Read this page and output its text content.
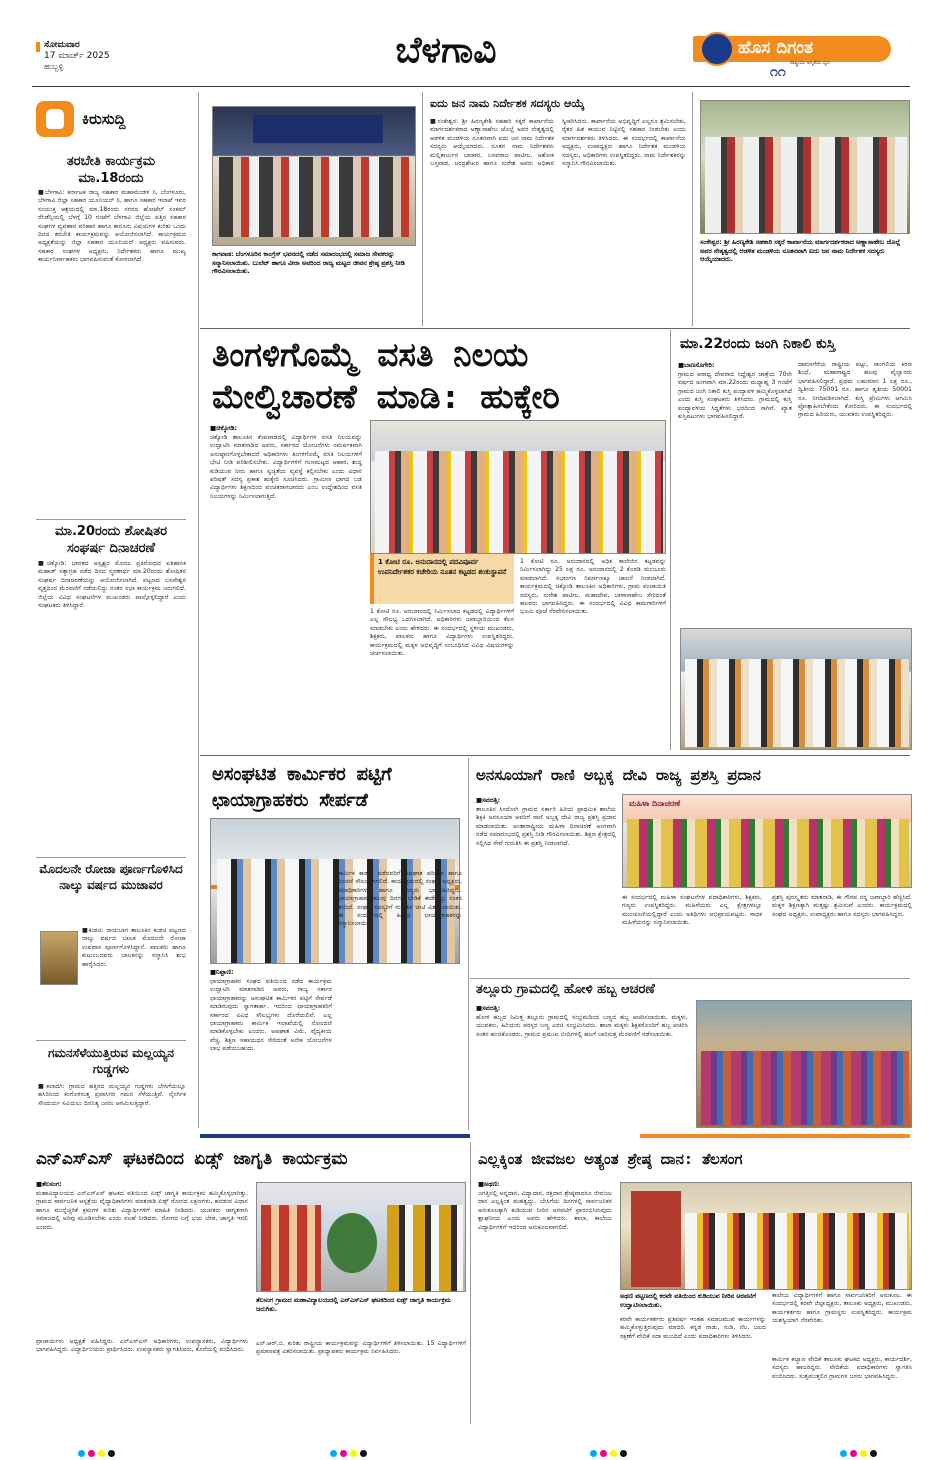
ಸೋಮವಾರ
17 ಮಾರ್ಚ್ 2025
ಹುಬ್ಬಳ್ಳಿ	ಬೆಳಗಾವಿ	ಹೊಸ ದಿಗಂತ
ರಾಷ್ಟ್ರೀಯ ಅಸ್ಮಿತೆಯ ಧ್ವನಿ
೧೧
ಕಿರುಸುದ್ದಿ
ತರಬೇತಿ ಕಾರ್ಯಕ್ರಮ ಮಾ.18ರಂದು
■ಬೆಳಗಾವಿ: ಕರ್ನಾಟಕ ರಾಜ್ಯ ಸಹಕಾರ ಮಹಾಮಂಡಳ ನಿ, ಬೆಂಗಳೂರು, ಬೆಳಗಾವಿ ಜಿಲ್ಲಾ ಸಹಕಾರ ಯೂನಿಯನ್ ನಿ, ಹಾಗೂ ಸಹಕಾರ ಇಲಾಖೆ ಇವರ ಸಂಯುಕ್ತ ಆಶ್ರಯದಲ್ಲಿ ಮಾ.18ರಂದು ನಗರದ ಹೋಟೆಲ್ ಸಂಕಮ್ ರೆಸಿಡೆನ್ಸಿಯಲ್ಲಿ ಬೆಳಗ್ಗೆ 10 ಗಂಟೆಗೆ ಬೆಳಗಾವಿ ಜಿಲ್ಲೆಯ ಪತ್ತಿನ ಸಹಕಾರ ಸಂಘಗಳ ವ್ಯವಹಾರ ಪರಿಹಾರ ಹಾಗೂ ಕಾನೂನು ವಿಷಯಗಳ ಕುರಿತು ಒಂದು ದಿನದ ತರಬೇತಿ ಕಾರ್ಯಕ್ರಮವನ್ನು ಆಯೋಜಿಸಲಾಗಿದೆ. ಕಾರ್ಯಕ್ರಮದ ಅಧ್ಯಕ್ಷತೆಯನ್ನು ಜಿಲ್ಲಾ ಸಹಕಾರ ಯೂನಿಯನ್ ಅಧ್ಯಕ್ಷರು ವಹಿಸುವರು. ಸಹಕಾರ ಸಂಘಗಳ ಅಧ್ಯಕ್ಷರು, ನಿರ್ದೇಶಕರು ಹಾಗೂ ಮುಖ್ಯ ಕಾರ್ಯನಿರ್ವಾಹಕರು ಭಾಗವಹಿಸುವಂತೆ ಕೋರಲಾಗಿದೆ.
ಮಾ.20ರಂದು ಶೋಷಿತರ ಸಂಘರ್ಷ ದಿನಾಚರಣೆ
■ಚಿಕ್ಕೋಡಿ: ಭಾರತದ ಅಸ್ಪೃಶ್ಯರ ಮೊದಲ ಪ್ರತಿರೋಧದ ಐತಿಹಾಸಿಕ ಮಹಾಡ್ ಸತ್ಯಾಗ್ರಹ ನಡೆದ ದಿನದ ಸ್ಮರಣಾರ್ಥ ಮಾ.20ರಂದು ಶೋಷಿತರ ಸಂಘರ್ಷ ದಿನಾಚರಣೆಯನ್ನು ಆಯೋಜಿಸಲಾಗಿದೆ. ಪಟ್ಟಣದ ಬಸವೇಶ್ವರ ವೃತ್ತದಿಂದ ಮೆರವಣಿಗೆ ನಡೆಯಲಿದ್ದು ನಂತರ ಸಭಾ ಕಾರ್ಯಕ್ರಮ ಜರುಗಲಿದೆ. ಜಿಲ್ಲೆಯ ವಿವಿಧ ಸಂಘಟನೆಗಳ ಮುಖಂಡರು ಪಾಲ್ಗೊಳ್ಳಲಿದ್ದಾರೆ ಎಂದು ಸಂಘಟಕರು ತಿಳಿಸಿದ್ದಾರೆ.
ಮೊದಲನೇ ರೋಜಾ ಪೂರ್ಣಗೊಳಿಸಿದ ನಾಲ್ಕು ವರ್ಷದ ಮುಜಾವರ
■ಕುಡಚಿ: ರಾಯಬಾಗ ತಾಲೂಕಿನ ಕುಡಚಿ ಪಟ್ಟಣದ ನಾಲ್ಕು ವರ್ಷದ ಬಾಲಕ ಮೊದಲನೇ ರೋಜಾ ಉಪವಾಸ ಪೂರ್ಣಗೊಳಿಸಿದ್ದಾನೆ. ಪಾಲಕರು ಹಾಗೂ ಕುಟುಂಬದವರು ಬಾಲಕನನ್ನು ಸನ್ಮಾನಿಸಿ ಶುಭ ಹಾರೈಸಿದರು.
ಗಮನಸೆಳೆಯುತ್ತಿರುವ ಮಲ್ಲಯ್ಯನ ಗುಡ್ಡಗಳು
■ಕಲಾದಗಿ: ಗ್ರಾಮದ ಹತ್ತಿರದ ಮಲ್ಲಯ್ಯನ ಗುಡ್ಡಗಳು ಬೇಸಿಗೆಯಲ್ಲೂ ಹಸಿರಿನಿಂದ ಕಂಗೊಳಿಸುತ್ತ ಪ್ರವಾಸಿಗರ ಗಮನ ಸೆಳೆಯುತ್ತಿವೆ. ನೈಸರ್ಗಿಕ ಸೌಂದರ್ಯ ಸವಿಯಲು ದಿನನಿತ್ಯ ಜನರು ಆಗಮಿಸುತ್ತಿದ್ದಾರೆ.
ಕಾಗವಾಡ: ಬೆಂಗಳೂರಿನ ಕಾಂಗ್ರೆಸ್ ಭವನದಲ್ಲಿ ನಡೆದ ಸಮಾರಂಭದಲ್ಲಿ ಸಮಾಜ ಸೇವಕರನ್ನು ಸನ್ಮಾನಿಸಲಾಯಿತು. ಬುಲೆಟ್ ಹಾಗೂ ವೀರಾ ಅವರಿಂದ ರಾಜ್ಯ ಮಟ್ಟದ ಜೀವನ ಶ್ರೇಷ್ಠ ಪ್ರಶಸ್ತಿ ನೀಡಿ ಗೌರವಿಸಲಾಯಿತು.
ಐದು ಜನ ನಾಮ ನಿರ್ದೇಶಕ ಸದಸ್ಯರು ಆಯ್ಕೆ
■ಸಂಕೇಶ್ವರ: ಶ್ರೀ ಹಿರಣ್ಯಕೇಶಿ ಸಹಕಾರಿ ಸಕ್ಕರೆ ಕಾರ್ಖಾನೆಯ ಮಾರ್ಗದರ್ಶಕರಾದ ಅಣ್ಣಾಸಾಹೇಬ ಜೊಲ್ಲೆ ಅವರ ನೇತೃತ್ವದಲ್ಲಿ ಆಡಳಿತ ಮಂಡಳಿಯ ನೂತನವಾಗಿ ಐದು ಜನ ನಾಮ ನಿರ್ದೇಶಕ ಸದಸ್ಯರು ಆಯ್ಕೆಯಾದರು. ನೂತನ ನಾಮ ನಿರ್ದೇಶಕರು ಮಲ್ಲಿಕಾರ್ಜುನ ಬಾಡಕರ, ಬಸವರಾಜ ಪಾಟೀಲ, ಅಶೋಕ ಬಸ್ತವಾಡ, ಚಂದ್ರಶೇಖರ ಹಾಗೂ ಸುರೇಶ ಅವರು ಅಧಿಕಾರ ಸ್ವೀಕರಿಸಿದರು. ಕಾರ್ಖಾನೆಯ ಅಭಿವೃದ್ಧಿಗೆ ಎಲ್ಲರೂ ಶ್ರಮಿಸಬೇಕು, ರೈತರ ಹಿತ ಕಾಯುವ ನಿಟ್ಟಿನಲ್ಲಿ ಸಹಕಾರ ನೀಡಬೇಕು ಎಂದು ಮಾರ್ಗದರ್ಶಕರು ತಿಳಿಸಿದರು. ಈ ಸಂದರ್ಭದಲ್ಲಿ ಕಾರ್ಖಾನೆಯ ಅಧ್ಯಕ್ಷರು, ಉಪಾಧ್ಯಕ್ಷರು ಹಾಗೂ ನಿರ್ದೇಶಕ ಮಂಡಳಿಯ ಸದಸ್ಯರು, ಅಧಿಕಾರಿಗಳು ಉಪಸ್ಥಿತರಿದ್ದರು. ನಾಮ ನಿರ್ದೇಶಕರನ್ನು ಸನ್ಮಾನಿಸಿ ಗೌರವಿಸಲಾಯಿತು.
ಸಂಕೇಶ್ವರ: ಶ್ರೀ ಹಿರಣ್ಯಕೇಶಿ ಸಹಕಾರಿ ಸಕ್ಕರೆ ಕಾರ್ಖಾನೆಯ ಮಾರ್ಗದರ್ಶಕರಾದ ಅಣ್ಣಾಸಾಹೇಬ ಜೊಲ್ಲೆ ಅವರ ನೇತೃತ್ವದಲ್ಲಿ ಆಡಳಿತ ಮಂಡಳಿಯ ನೂತನವಾಗಿ ಐದು ಜನ ನಾಮ ನಿರ್ದೇಶಕ ಸದಸ್ಯರು ಆಯ್ಕೆಯಾದರು.
ತಿಂಗಳಿಗೊಮ್ಮೆ ವಸತಿ ನಿಲಯ ಮೇಲ್ವಿಚಾರಣೆ ಮಾಡಿ: ಹುಕ್ಕೇರಿ
■ಚಿಕ್ಕೋಡಿ:
ಚಿಕ್ಕೋಡಿ ತಾಲೂಕಿನ ಕೆಂಪವಾಡದಲ್ಲಿ ವಿದ್ಯಾರ್ಥಿಗಳ ವಸತಿ ನಿಲಯವನ್ನು ಉದ್ಘಾಟಿಸಿ ಮಾತನಾಡಿದ ಅವರು, ಸರ್ಕಾರದ ಯೋಜನೆಗಳು ಸಮರ್ಪಕವಾಗಿ ಅನುಷ್ಠಾನಗೊಳ್ಳಬೇಕಾದರೆ ಅಧಿಕಾರಿಗಳು ತಿಂಗಳಿಗೊಮ್ಮೆ ವಸತಿ ನಿಲಯಗಳಿಗೆ ಭೇಟಿ ನೀಡಿ ಪರಿಶೀಲಿಸಬೇಕು. ವಿದ್ಯಾರ್ಥಿಗಳಿಗೆ ಗುಣಮಟ್ಟದ ಆಹಾರ, ಶುದ್ಧ ಕುಡಿಯುವ ನೀರು ಹಾಗೂ ಸ್ವಚ್ಛತೆಯ ವ್ಯವಸ್ಥೆ ಕಲ್ಪಿಸಬೇಕು ಎಂದು ವಿಧಾನ ಪರಿಷತ್ ಸದಸ್ಯ ಪ್ರಕಾಶ ಹುಕ್ಕೇರಿ ಸೂಚಿಸಿದರು. ಗ್ರಾಮೀಣ ಭಾಗದ ಬಡ ವಿದ್ಯಾರ್ಥಿಗಳು ಶಿಕ್ಷಣದಿಂದ ವಂಚಿತರಾಗಬಾರದು ಎಂಬ ಉದ್ದೇಶದಿಂದ ವಸತಿ ನಿಲಯಗಳನ್ನು ನಿರ್ಮಿಸಲಾಗುತ್ತಿದೆ.
1 ಕೋಟಿ ರೂ. ಅನುದಾನದಲ್ಲಿ ಪದವಿಪೂರ್ವ ಉಪನಿರ್ದೇಶಕರ ಕಚೇರಿಯ ನೂತನ ಕಟ್ಟಡದ ಶಂಕುಸ್ಥಾಪನೆ
1 ಕೋಟಿ ರೂ. ಅನುದಾನದಲ್ಲಿ ನಿರ್ಮಿಸಲಾದ ಕಟ್ಟಡದಲ್ಲಿ ವಿದ್ಯಾರ್ಥಿಗಳಿಗೆ ಎಲ್ಲ ಸೌಲಭ್ಯ ಒದಗಿಸಲಾಗಿದೆ. ಅಧಿಕಾರಿಗಳು ಜವಾಬ್ದಾರಿಯಿಂದ ಕೆಲಸ ಮಾಡಬೇಕು ಎಂದು ಹೇಳಿದರು. ಈ ಸಂದರ್ಭದಲ್ಲಿ ಸ್ಥಳೀಯ ಮುಖಂಡರು, ಶಿಕ್ಷಕರು, ಪಾಲಕರು ಹಾಗೂ ವಿದ್ಯಾರ್ಥಿಗಳು ಉಪಸ್ಥಿತರಿದ್ದರು. ಕಾರ್ಯಕ್ರಮದಲ್ಲಿ ಮಕ್ಕಳ ಅಭಿವೃದ್ಧಿಗೆ ಸಂಬಂಧಿಸಿದ ವಿವಿಧ ವಿಷಯಗಳನ್ನು ಚರ್ಚಿಸಲಾಯಿತು.
1 ಕೋಟಿ ರೂ. ಅನುದಾನದಲ್ಲಿ ಅಧಿಕ ಕಾಲೇಜಿನ ಕಟ್ಟಡವನ್ನು ನಿರ್ಮಿಸಲಾಗಿದ್ದು 25 ಲಕ್ಷ ರೂ. ಅನುದಾನದಲ್ಲಿ 2 ಕೊಠಡಿ ಮಂಜೂರು ಮಾಡಲಾಗಿದೆ. ಸಭಾಂಗಣ ನಿರ್ಮಾಣಕ್ಕೂ ಚಾಲನೆ ನೀಡಲಾಗಿದೆ. ಕಾರ್ಯಕ್ರಮದಲ್ಲಿ ಚಿಕ್ಕೋಡಿ ತಾಲೂಕಿನ ಅಧಿಕಾರಿಗಳು, ಗ್ರಾಮ ಪಂಚಾಯಿತಿ ಸದಸ್ಯರು, ಸುರೇಶ ಪಾಟೀಲ, ಮಹಾದೇವ, ಬಾಳಾಸಾಹೇಬ ಸೇರಿದಂತೆ ಹಲವರು ಭಾಗವಹಿಸಿದ್ದರು. ಈ ಸಂದರ್ಭದಲ್ಲಿ ವಿವಿಧ ಕಾಮಗಾರಿಗಳಿಗೆ ಭೂಮಿ ಪೂಜೆ ನೆರವೇರಿಸಲಾಯಿತು.
ಮಾ.22ರಂದು ಜಂಗಿ ನಿಕಾಲಿ ಕುಸ್ತಿ
■ಬಾಣಸೊಗೇರಿ:
ಗ್ರಾಮದ ಆರಾಧ್ಯ ದೇವರಾದ ಸಿದ್ಧೇಶ್ವರ ಜಾತ್ರೆಯ 70ನೇ ವರ್ಷದ ಅಂಗವಾಗಿ ಮಾ.22ರಂದು ಮಧ್ಯಾಹ್ನ 3 ಗಂಟೆಗೆ ಗ್ರಾಮದ ಜಂಗಿ ನಿಕಾಲಿ ಕುಸ್ತಿ ಪಂದ್ಯಾವಳಿ ಹಮ್ಮಿಕೊಳ್ಳಲಾಗಿದೆ ಎಂದು ಕುಸ್ತಿ ಸಂಘಟಕರು ತಿಳಿಸಿದರು. ಗ್ರಾಮದಲ್ಲಿ ಕುಸ್ತಿ ಪಂದ್ಯಾವಳಿಯ ಸಿದ್ಧತೆಗಳು ಭರದಿಂದ ಸಾಗಿವೆ. ಖ್ಯಾತ ಕುಸ್ತಿಪಟುಗಳು ಭಾಗವಹಿಸಲಿದ್ದಾರೆ.
ದಾವಣಗೆರೆಯ ರಾಷ್ಟ್ರೀಯ ಪಟ್ಟು, ಸಾಂಗಲಿಯ ಕಿರಣ ಶಿಂಧೆ, ಮಹಾರಾಷ್ಟ್ರದ ಹಲವು ಪೈಲ್ವಾನರು ಭಾಗವಹಿಸಲಿದ್ದಾರೆ. ಪ್ರಥಮ ಬಹುಮಾನ 1 ಲಕ್ಷ ರೂ., ದ್ವಿತೀಯ 75001 ರೂ. ಹಾಗೂ ತೃತೀಯ 50001 ರೂ. ನಿಗದಿಪಡಿಸಲಾಗಿದೆ. ಕುಸ್ತಿ ಪ್ರೇಮಿಗಳು ಆಗಮಿಸಿ ಪ್ರೋತ್ಸಾಹಿಸಬೇಕೆಂದು ಕೋರಿದರು. ಈ ಸಂದರ್ಭದಲ್ಲಿ ಗ್ರಾಮದ ಹಿರಿಯರು, ಯುವಕರು ಉಪಸ್ಥಿತರಿದ್ದರು.
ಅಸಂಘಟಿತ ಕಾರ್ಮಿಕರ ಪಟ್ಟಿಗೆ ಛಾಯಾಗ್ರಾಹಕರು ಸೇರ್ಪಡೆ
■ನಿಪ್ಪಾಣಿ:
ಛಾಯಾಗ್ರಾಹಕರ ಸಂಘದ ವತಿಯಿಂದ ನಡೆದ ಕಾರ್ಯಕ್ರಮ ಉದ್ಘಾಟಿಸಿ ಮಾತನಾಡಿದ ಅವರು, ರಾಜ್ಯ ಸರ್ಕಾರ ಛಾಯಾಗ್ರಾಹಕರನ್ನು ಅಸಂಘಟಿತ ಕಾರ್ಮಿಕರ ಪಟ್ಟಿಗೆ ಸೇರ್ಪಡೆ ಮಾಡಿರುವುದು ಸ್ವಾಗತಾರ್ಹ. ಇದರಿಂದ ಛಾಯಾಗ್ರಾಹಕರಿಗೆ ಸರ್ಕಾರದ ವಿವಿಧ ಸೌಲಭ್ಯಗಳು ದೊರೆಯಲಿವೆ. ಎಲ್ಲ ಛಾಯಾಗ್ರಾಹಕರು ಕಾರ್ಮಿಕ ಇಲಾಖೆಯಲ್ಲಿ ನೋಂದಣಿ ಮಾಡಿಕೊಳ್ಳಬೇಕು ಎಂದರು. ಅಪಘಾತ ವಿಮೆ, ವೈದ್ಯಕೀಯ ವೆಚ್ಚ, ಶಿಕ್ಷಣ ಸಹಾಯಧನ ಸೇರಿದಂತೆ ಅನೇಕ ಯೋಜನೆಗಳ ಲಾಭ ಪಡೆಯಬಹುದು.
ಕಾರ್ಮಿಕ ಕಾರ್ಡ್ ಪಡೆದವರಿಗೆ ಅಪಘಾತ ಪರಿಹಾರ ಹಾಗೂ ಪಿಂಚಣಿ ಸೌಲಭ್ಯ ಸಿಗಲಿದೆ. ಕಾರ್ಯಕ್ರಮದಲ್ಲಿ ಸಂಘದ ಅಧ್ಯಕ್ಷರು, ಪದಾಧಿಕಾರಿಗಳು ಹಾಗೂ ಸದಸ್ಯರು ಭಾಗವಹಿಸಿದ್ದರು. ಛಾಯಾಗ್ರಾಹಕರ ಹಲವು ದಿನಗಳ ಬೇಡಿಕೆ ಈಡೇರಿದ್ದು ಸಂತಸ ತಂದಿದೆ. ಸಂಘದ ಸದಸ್ಯರಿಗೆ ಗುರುತಿನ ಚೀಟಿ ವಿತರಿಸಲಾಯಿತು. ಈ ಸಂದರ್ಭದಲ್ಲಿ ಹಿರಿಯ ಛಾಯಾಗ್ರಾಹಕರನ್ನು ಸನ್ಮಾನಿಸಲಾಯಿತು.
ಅನಸೂಯಾಗೆ ರಾಣಿ ಅಬ್ಬಕ್ಕ ದೇವಿ ರಾಜ್ಯ ಪ್ರಶಸ್ತಿ ಪ್ರದಾನ
■ಸವದತ್ತಿ:
ತಾಲೂಕಿನ ಸಿಂದೋಗಿ ಗ್ರಾಮದ ಸರ್ಕಾರಿ ಹಿರಿಯ ಪ್ರಾಥಮಿಕ ಶಾಲೆಯ ಶಿಕ್ಷಕಿ ಅನಸೂಯಾ ಅವರಿಗೆ ರಾಣಿ ಅಬ್ಬಕ್ಕ ದೇವಿ ರಾಜ್ಯ ಪ್ರಶಸ್ತಿ ಪ್ರದಾನ ಮಾಡಲಾಯಿತು. ಅಂತಾರಾಷ್ಟ್ರೀಯ ಮಹಿಳಾ ದಿನಾಚರಣೆ ಅಂಗವಾಗಿ ನಡೆದ ಸಮಾರಂಭದಲ್ಲಿ ಪ್ರಶಸ್ತಿ ನೀಡಿ ಗೌರವಿಸಲಾಯಿತು. ಶಿಕ್ಷಣ ಕ್ಷೇತ್ರದಲ್ಲಿ ಸಲ್ಲಿಸಿದ ಸೇವೆ ಗುರುತಿಸಿ ಈ ಪ್ರಶಸ್ತಿ ನೀಡಲಾಗಿದೆ.
ಮಹಿಳಾ ದಿನಾಚರಣೆ
ಈ ಸಂದರ್ಭದಲ್ಲಿ ಮಹಿಳಾ ಸಂಘಟನೆಗಳ ಪದಾಧಿಕಾರಿಗಳು, ಶಿಕ್ಷಕರು, ಗಣ್ಯರು ಉಪಸ್ಥಿತರಿದ್ದರು. ಮಹಿಳೆಯರು ಎಲ್ಲ ಕ್ಷೇತ್ರಗಳಲ್ಲೂ ಮುಂಚೂಣಿಯಲ್ಲಿದ್ದಾರೆ ಎಂದು ಅತಿಥಿಗಳು ಅಭಿಪ್ರಾಯಪಟ್ಟರು. ಸಾಧಕ ಮಹಿಳೆಯರನ್ನು ಸನ್ಮಾನಿಸಲಾಯಿತು.
ಪ್ರಶಸ್ತಿ ಪುರಸ್ಕೃತರು ಮಾತನಾಡಿ, ಈ ಗೌರವ ನನ್ನ ಜವಾಬ್ದಾರಿ ಹೆಚ್ಚಿಸಿದೆ. ಮಕ್ಕಳ ಶಿಕ್ಷಣಕ್ಕಾಗಿ ಮತ್ತಷ್ಟು ಶ್ರಮಿಸುವೆ ಎಂದರು. ಕಾರ್ಯಕ್ರಮದಲ್ಲಿ ಸಂಘದ ಅಧ್ಯಕ್ಷರು, ಉಪಾಧ್ಯಕ್ಷರು ಹಾಗೂ ಸದಸ್ಯರು ಭಾಗವಹಿಸಿದ್ದರು.
ತಲ್ಲೂರು ಗ್ರಾಮದಲ್ಲಿ ಹೋಳಿ ಹಬ್ಬ ಆಚರಣೆ
■ಸವದತ್ತಿ:
ಹೋಳಿ ಹಬ್ಬದ ನಿಮಿತ್ತ ತಲ್ಲೂರು ಗ್ರಾಮದಲ್ಲಿ ಸಂಭ್ರಮದಿಂದ ಬಣ್ಣದ ಹಬ್ಬ ಆಚರಿಸಲಾಯಿತು. ಮಕ್ಕಳು, ಯುವಕರು, ಹಿರಿಯರು ಪರಸ್ಪರ ಬಣ್ಣ ಎರಚಿ ಸಂಭ್ರಮಿಸಿದರು. ಶಾಲಾ ಮಕ್ಕಳು ಶಿಕ್ಷಕರೊಂದಿಗೆ ಹಬ್ಬ ಆಚರಿಸಿ ಸಂತಸ ಹಂಚಿಕೊಂಡರು. ಗ್ರಾಮದ ಪ್ರಮುಖ ಬೀದಿಗಳಲ್ಲಿ ಹಲಗೆ ಬಾರಿಸುತ್ತ ಮೆರವಣಿಗೆ ನಡೆಸಲಾಯಿತು.
ಎನ್‌ಎಸ್‌ಎಸ್ ಘಟಕದಿಂದ ಏಡ್ಸ್ ಜಾಗೃತಿ ಕಾರ್ಯಕ್ರಮ
■ತೆಲಸಂಗ:
ಮಹಾವಿದ್ಯಾಲಯದ ಎನ್‌ಎಸ್‌ಎಸ್ ಘಟಕದ ವತಿಯಿಂದ ಏಡ್ಸ್ ಜಾಗೃತಿ ಕಾರ್ಯಕ್ರಮ ಹಮ್ಮಿಕೊಳ್ಳಲಾಗಿತ್ತು. ಗ್ರಾಮದ ಸಾರ್ವಜನಿಕ ಆಸ್ಪತ್ರೆಯ ವೈದ್ಯಾಧಿಕಾರಿಗಳು ಮಾತನಾಡಿ ಏಡ್ಸ್ ರೋಗದ ಲಕ್ಷಣಗಳು, ಹರಡುವ ವಿಧಾನ ಹಾಗೂ ಮುನ್ನೆಚ್ಚರಿಕೆ ಕ್ರಮಗಳ ಕುರಿತು ವಿದ್ಯಾರ್ಥಿಗಳಿಗೆ ಮಾಹಿತಿ ನೀಡಿದರು. ಯುವಕರು ಜಾಗೃತರಾಗಿ ಸಮಾಜದಲ್ಲಿ ಅರಿವು ಮೂಡಿಸಬೇಕು ಎಂದು ಸಲಹೆ ನೀಡಿದರು. ರೋಗದ ಬಗ್ಗೆ ಭಯ ಬೇಡ, ಜಾಗೃತಿ ಇರಲಿ ಎಂದರು.
ಪ್ರಾಚಾರ್ಯರು ಅಧ್ಯಕ್ಷತೆ ವಹಿಸಿದ್ದರು. ಎನ್‌ಎಸ್‌ಎಸ್ ಅಧಿಕಾರಿಗಳು, ಉಪನ್ಯಾಸಕರು, ವಿದ್ಯಾರ್ಥಿಗಳು ಭಾಗವಹಿಸಿದ್ದರು. ವಿದ್ಯಾರ್ಥಿನಿಯರು ಪ್ರಾರ್ಥಿಸಿದರು. ಉಪನ್ಯಾಸಕರು ಸ್ವಾಗತಿಸಿದರು, ಕೊನೆಯಲ್ಲಿ ವಂದಿಸಿದರು.
ತೆಲಸಂಗ ಗ್ರಾಮದ ಮಹಾವಿದ್ಯಾಲಯದಲ್ಲಿ ಎನ್‌ಎಸ್‌ಎಸ್ ಘಟಕದಿಂದ ಏಡ್ಸ್ ಜಾಗೃತಿ ಕಾರ್ಯಕ್ರಮ ಜರುಗಿತು.
ಎನ್.ಆರ್.ಬಿ. ಕುರಿತು ರಾಷ್ಟ್ರೀಯ ಕಾರ್ಯಕ್ರಮವನ್ನು ವಿದ್ಯಾರ್ಥಿಗಳಿಗೆ ತಿಳಿಸಲಾಯಿತು. 15 ವಿದ್ಯಾರ್ಥಿಗಳಿಗೆ ಪ್ರಮಾಣಪತ್ರ ವಿತರಿಸಲಾಯಿತು. ಪ್ರಾಧ್ಯಾಪಕರು ಕಾರ್ಯಕ್ರಮ ನಿರ್ವಹಿಸಿದರು.
ಎಲ್ಲಕ್ಕಿಂತ ಜೀವಜಲ ಅತ್ಯಂತ ಶ್ರೇಷ್ಠ ದಾನ: ತೆಲಸಂಗ
■ಅಥಣಿ:
ಜಗತ್ತಿನಲ್ಲಿ ಅನ್ನದಾನ, ವಿದ್ಯಾದಾನ, ರಕ್ತದಾನ ಶ್ರೇಷ್ಠವಾದರೂ ಜೀವಜಲ ದಾನ ಎಲ್ಲಕ್ಕಿಂತ ಮಹತ್ವದ್ದು. ಬೇಸಿಗೆಯ ದಿನಗಳಲ್ಲಿ ಸಾರ್ವಜನಿಕರ ಅನುಕೂಲಕ್ಕಾಗಿ ಕುಡಿಯುವ ನೀರಿನ ಅರವಟಿಗೆ ಪ್ರಾರಂಭಿಸಿರುವುದು ಶ್ಲಾಘನೀಯ ಎಂದು ಅವರು ಹೇಳಿದರು. ಶಾಲಾ, ಕಾಲೇಜು ವಿದ್ಯಾರ್ಥಿಗಳಿಗೆ ಇದರಿಂದ ಅನುಕೂಲವಾಗಲಿದೆ.
ಅಥಣಿ ಪಟ್ಟಣದಲ್ಲಿ ಕರವೇ ವತಿಯಿಂದ ಕುಡಿಯುವ ನೀರಿನ ಅರವಟಿಗೆ ಉದ್ಘಾಟಿಸಲಾಯಿತು.
ಕರವೇ ಕಾರ್ಯಕರ್ತರು ಪ್ರತಿವರ್ಷ ಇಂತಹ ಸಮಾಜಮುಖಿ ಕಾರ್ಯಗಳನ್ನು ಹಮ್ಮಿಕೊಳ್ಳುತ್ತಿರುವುದು ಮಾದರಿ. ಕನ್ನಡ ನಾಡು, ನುಡಿ, ನೆಲ, ಜಲದ ರಕ್ಷಣೆಗೆ ವೇದಿಕೆ ಸದಾ ಮುಂದಿದೆ ಎಂದು ಪದಾಧಿಕಾರಿಗಳು ತಿಳಿಸಿದರು.
ಕಾಲೇಜು ವಿದ್ಯಾರ್ಥಿಗಳಿಗೆ ಹಾಗೂ ಸಾರ್ವಜನಿಕರಿಗೆ ಅನುಕೂಲ. ಈ ಸಂದರ್ಭದಲ್ಲಿ ಕರವೇ ಜಿಲ್ಲಾಧ್ಯಕ್ಷರು, ತಾಲೂಕು ಅಧ್ಯಕ್ಷರು, ಮುಖಂಡರು, ಕಾರ್ಯಕರ್ತರು ಹಾಗೂ ಗ್ರಾಮಸ್ಥರು ಉಪಸ್ಥಿತರಿದ್ದರು. ಕಾರ್ಯಕ್ರಮ ಯಶಸ್ವಿಯಾಗಿ ನೆರವೇರಿತು.
ಕಾರ್ಮಿಕ ಕಲ್ಯಾಣ ವೇದಿಕೆ ತಾಲೂಕು ಘಟಕದ ಅಧ್ಯಕ್ಷರು, ಕಾರ್ಯದರ್ಶಿ, ಸದಸ್ಯರು ಹಾಜರಿದ್ದರು. ವೇದಿಕೆಯ ಪದಾಧಿಕಾರಿಗಳು ಸ್ವಾಗತಿಸಿ ವಂದಿಸಿದರು. ಸುತ್ತಮುತ್ತಲಿನ ಗ್ರಾಮಗಳ ಜನರು ಭಾಗವಹಿಸಿದ್ದರು.
